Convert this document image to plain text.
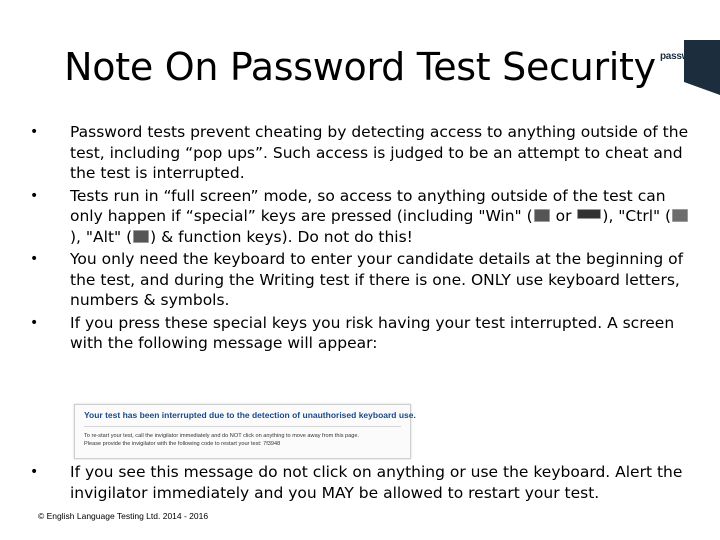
Note On Password Test Security password
• Password tests prevent cheating by detecting access to anything outside of the test, including “pop ups”. Such access is judged to be an attempt to cheat and the test is interrupted.
• Tests run in “full screen” mode, so access to anything outside of the test can only happen if “special” keys are pressed (including "Win" ( or ), "Ctrl" (), "Alt" ( ) & function keys). Do not do this!
• You only need the keyboard to enter your candidate details at the beginning of the test, and during the Writing test if there is one. ONLY use keyboard letters, numbers & symbols.
• If you press these special keys you risk having your test interrupted. A screen with the following message will appear:
Your test has been interrupted due to the detection of unauthorised keyboard use.
To re-start your test, call the invigilator immediately and do NOT click on anything to move away from this page.
Please provide the invigilator with the following code to restart your test: 7f3948
• If you see this message do not click on anything or use the keyboard. Alert the invigilator immediately and you MAY be allowed to restart your test.
© English Language Testing Ltd. 2014 - 2016
